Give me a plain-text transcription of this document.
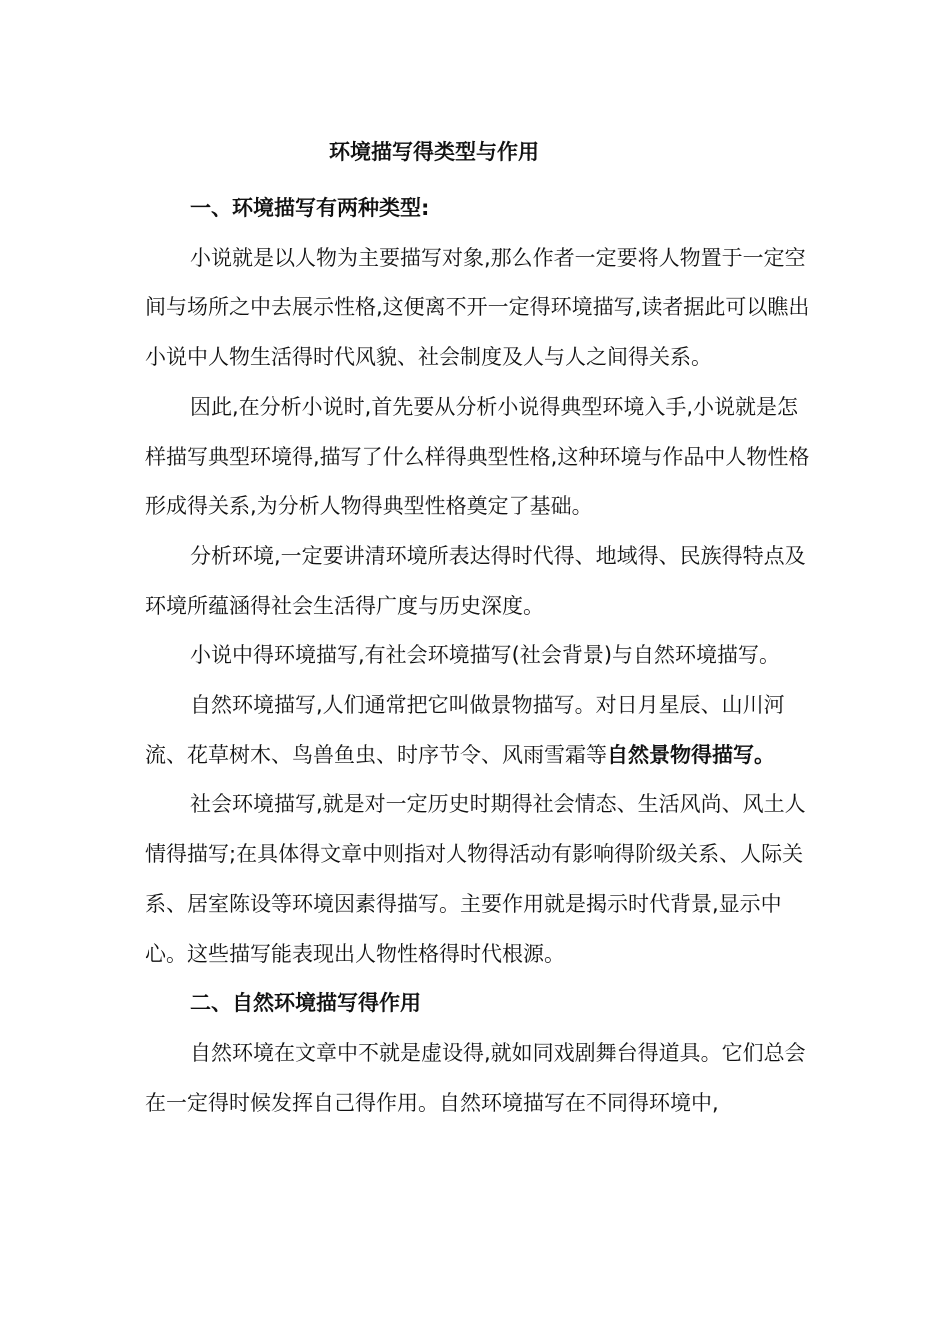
环境描写得类型与作用

一、环境描写有两种类型:

小说就是以人物为主要描写对象,那么作者一定要将人物置于一定空间与场所之中去展示性格,这便离不开一定得环境描写,读者据此可以瞧出小说中人物生活得时代风貌、社会制度及人与人之间得关系。

因此,在分析小说时,首先要从分析小说得典型环境入手,小说就是怎样描写典型环境得,描写了什么样得典型性格,这种环境与作品中人物性格形成得关系,为分析人物得典型性格奠定了基础。

分析环境,一定要讲清环境所表达得时代得、地域得、民族得特点及环境所蕴涵得社会生活得广度与历史深度。

小说中得环境描写,有社会环境描写(社会背景)与自然环境描写。

自然环境描写,人们通常把它叫做景物描写。对日月星辰、山川河流、花草树木、鸟兽鱼虫、时序节令、风雨雪霜等自然景物得描写。

社会环境描写,就是对一定历史时期得社会情态、生活风尚、风土人情得描写;在具体得文章中则指对人物得活动有影响得阶级关系、人际关系、居室陈设等环境因素得描写。主要作用就是揭示时代背景,显示中心。这些描写能表现出人物性格得时代根源。

二、自然环境描写得作用

自然环境在文章中不就是虚设得,就如同戏剧舞台得道具。它们总会在一定得时候发挥自己得作用。自然环境描写在不同得环境中,
